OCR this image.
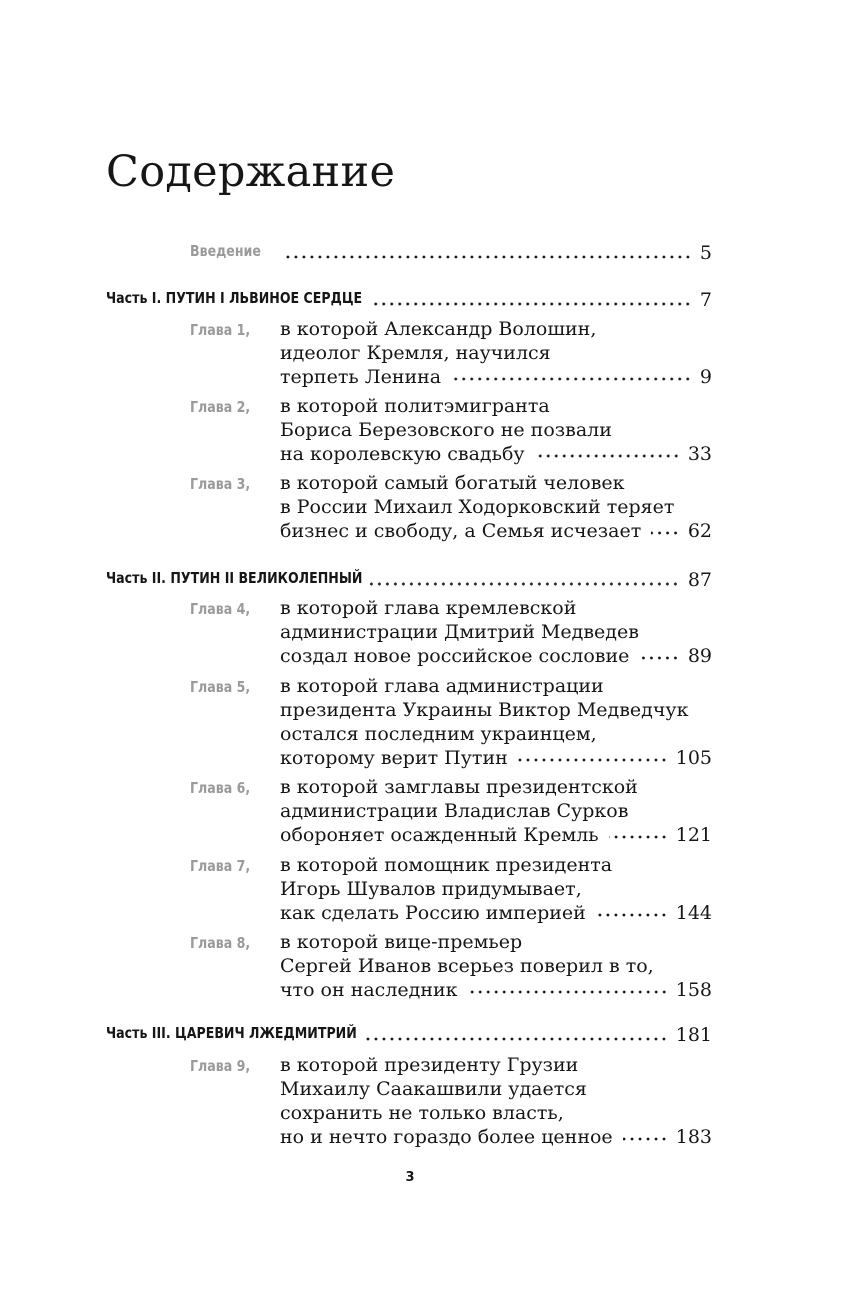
Содержание
Введение	5
Часть I. ПУТИН I ЛЬВИНОЕ СЕРДЦЕ	7
Глава 1, в которой Александр Волошин,
идеолог Кремля, научился
терпеть Ленина	9
Глава 2, в которой политэмигранта
Бориса Березовского не позвали
на королевскую свадьбу	33
Глава 3, в которой самый богатый человек
в России Михаил Ходорковский теряет
бизнес и свободу, а Семья исчезает 62
Часть II. ПУТИН II ВЕЛИКОЛЕПНЫЙ	87
Глава 4, в которой глава кремлевской
администрации Дмитрий Медведев
создал новое российское сословие	89
Глава 5, в которой глава администрации
президента Украины Виктор Медведчук
остался последним украинцем,
которому верит Путин	105
Глава 6, в которой замглавы президентской
администрации Владислав Сурков
обороняет осажденный Кремль	121
Глава 7, в которой помощник президента
Игорь Шувалов придумывает,
как сделать Россию империей	144
Глава 8, в которой вице-премьер
Сергей Иванов всерьез поверил в то,
что он наследник	158
Часть III. ЦАРЕВИЧ ЛЖЕДМИТРИЙ	181
Глава 9, в которой президенту Грузии
Михаилу Саакашвили удается
сохранить не только власть,
но и нечто гораздо более ценное	183
3
